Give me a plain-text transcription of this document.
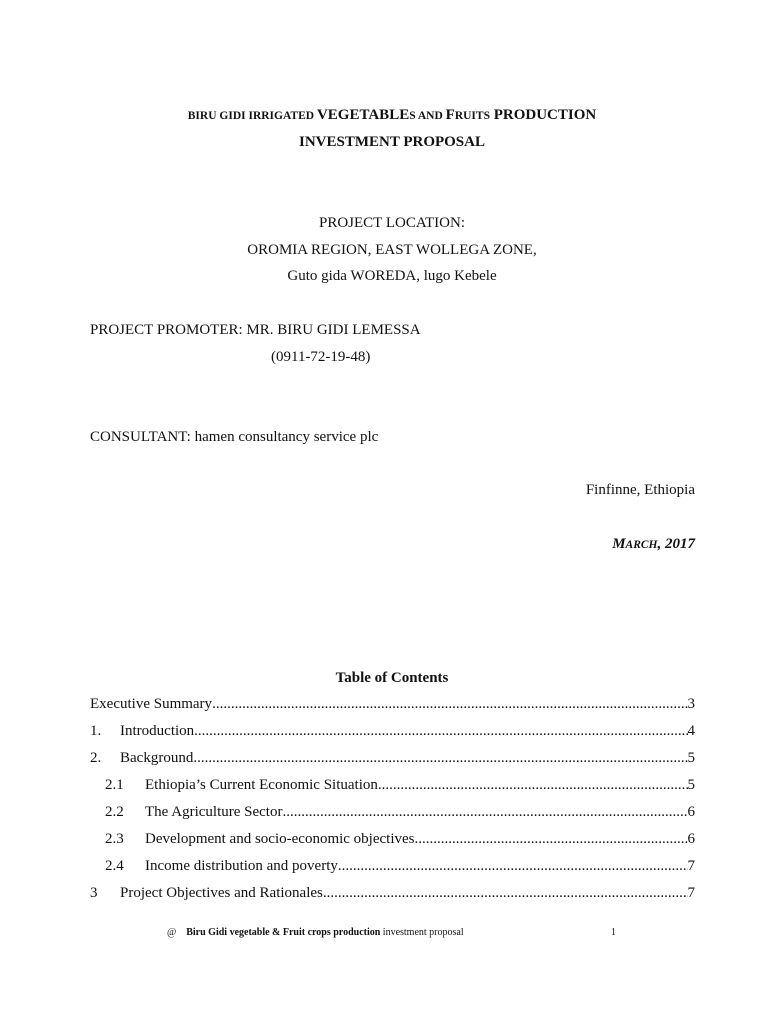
BIRU GIDI IRRIGATED VEGETABLES AND FRUITS PRODUCTION
INVESTMENT PROPOSAL
PROJECT LOCATION:
OROMIA REGION, EAST WOLLEGA ZONE,
Guto gida WOREDA, lugo Kebele
PROJECT PROMOTER: MR. BIRU GIDI LEMESSA
(0911-72-19-48)
CONSULTANT: hamen consultancy service plc
Finfinne, Ethiopia
MARCH, 2017
Table of Contents
Executive Summary .....	3
1.	Introduction .....	4
2.	Background .....	5
2.1	Ethiopia’s Current Economic Situation .....	5
2.2	The Agriculture Sector .....	6
2.3	Development and socio-economic objectives .....	6
2.4	Income distribution and poverty .....	7
3	Project Objectives and Rationales .....	7
@ Biru Gidi vegetable & Fruit crops production investment proposal	1
